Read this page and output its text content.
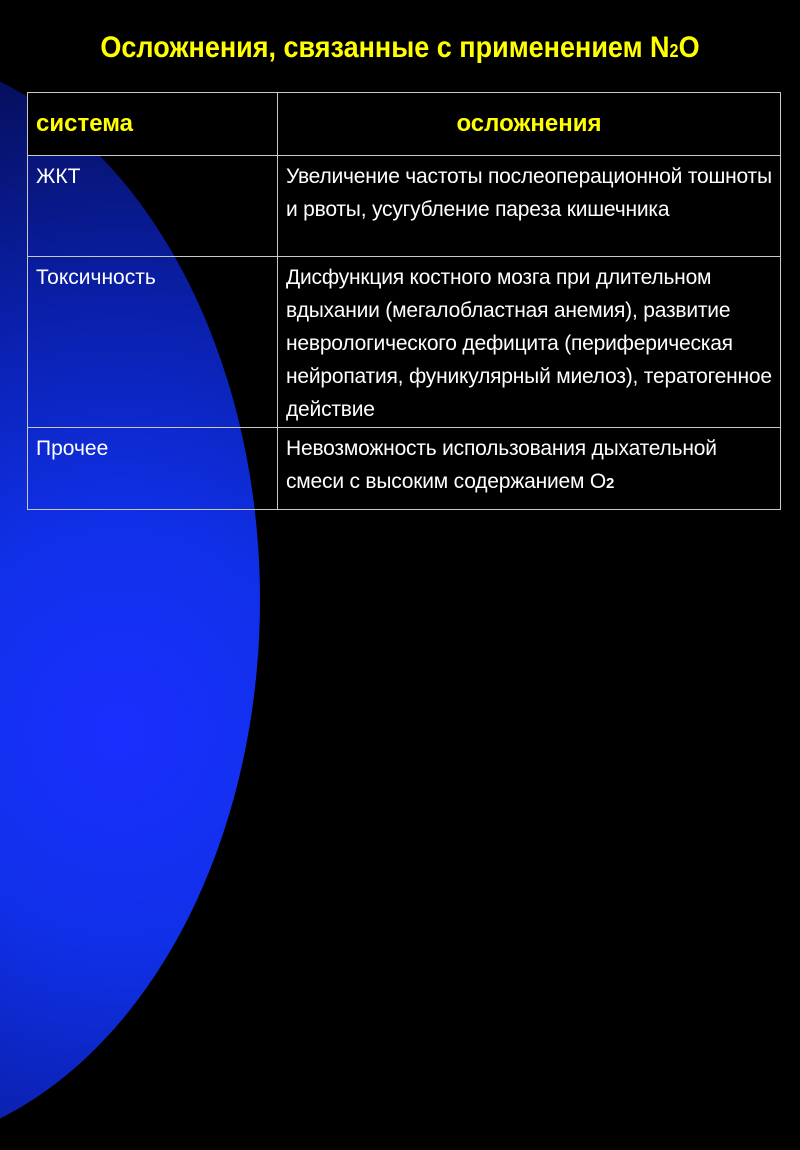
Осложнения, связанные с применением N2O
система	осложнения
ЖКТ	Увеличение частоты послеоперационной тошноты и рвоты, усугубление пареза кишечника
Токсичность	Дисфункция костного мозга при длительном вдыхании (мегалобластная анемия), развитие неврологического дефицита (периферическая нейропатия, фуникулярный миелоз), тератогенное действие
Прочее	Невозможность использования дыхательной смеси с высоким содержанием O2
